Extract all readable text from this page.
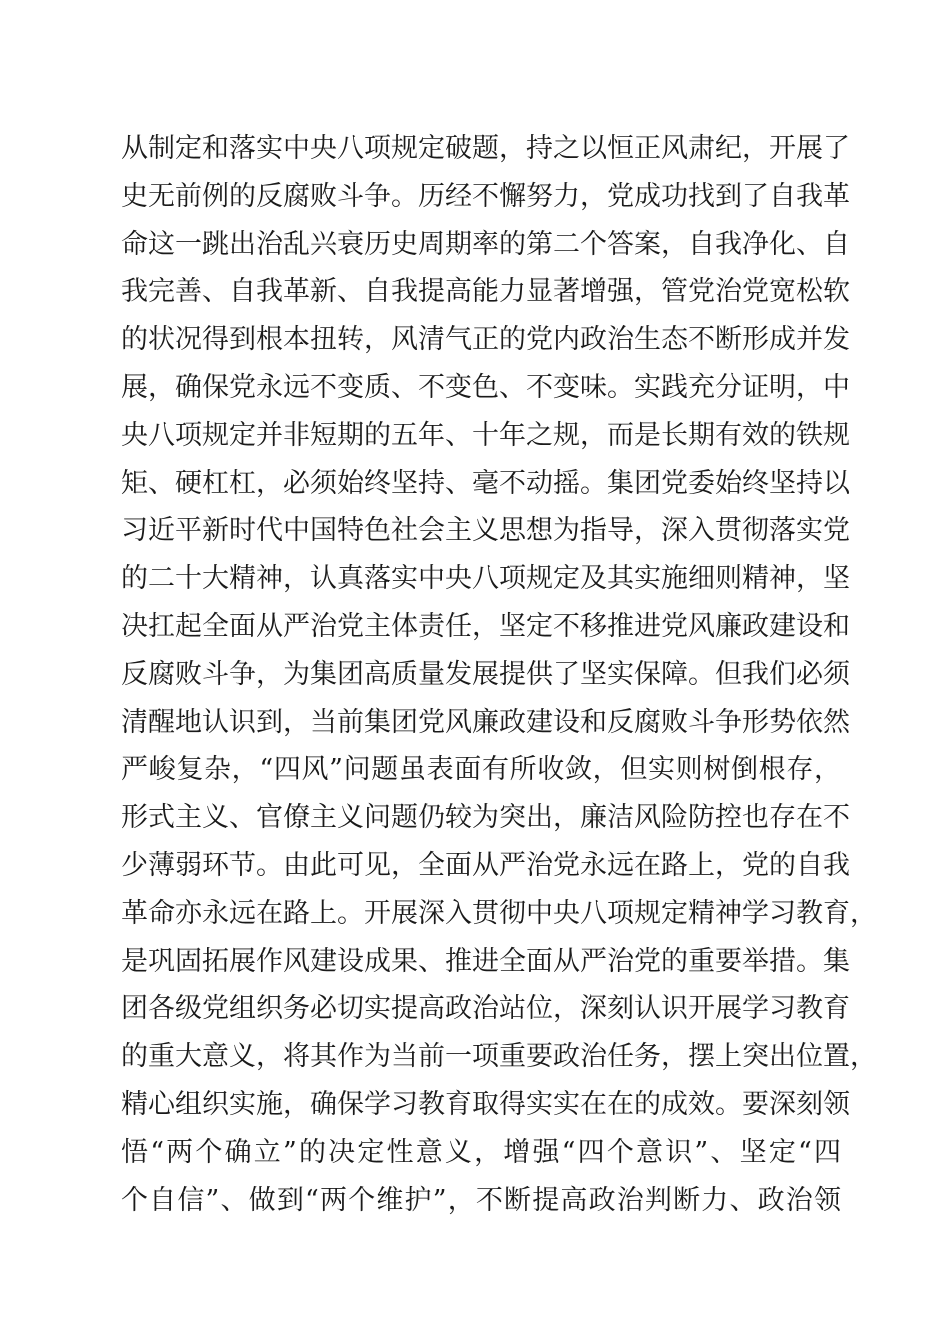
从制定和落实中央八项规定破题，持之以恒正风肃纪，开展了
史无前例的反腐败斗争。历经不懈努力，党成功找到了自我革
命这一跳出治乱兴衰历史周期率的第二个答案，自我净化、自
我完善、自我革新、自我提高能力显著增强，管党治党宽松软
的状况得到根本扭转，风清气正的党内政治生态不断形成并发
展，确保党永远不变质、不变色、不变味。实践充分证明，中
央八项规定并非短期的五年、十年之规，而是长期有效的铁规
矩、硬杠杠，必须始终坚持、毫不动摇。集团党委始终坚持以
习近平新时代中国特色社会主义思想为指导，深入贯彻落实党
的二十大精神，认真落实中央八项规定及其实施细则精神，坚
决扛起全面从严治党主体责任，坚定不移推进党风廉政建设和
反腐败斗争，为集团高质量发展提供了坚实保障。但我们必须
清醒地认识到，当前集团党风廉政建设和反腐败斗争形势依然
严峻复杂，“四风”问题虽表面有所收敛，但实则树倒根存，
形式主义、官僚主义问题仍较为突出，廉洁风险防控也存在不
少薄弱环节。由此可见，全面从严治党永远在路上，党的自我
革命亦永远在路上。开展深入贯彻中央八项规定精神学习教育，
是巩固拓展作风建设成果、推进全面从严治党的重要举措。集
团各级党组织务必切实提高政治站位，深刻认识开展学习教育
的重大意义，将其作为当前一项重要政治任务，摆上突出位置，
精心组织实施，确保学习教育取得实实在在的成效。要深刻领
悟“两个确立”的决定性意义，增强“四个意识”、坚定“四
个自信”、做到“两个维护”，不断提高政治判断力、政治领
